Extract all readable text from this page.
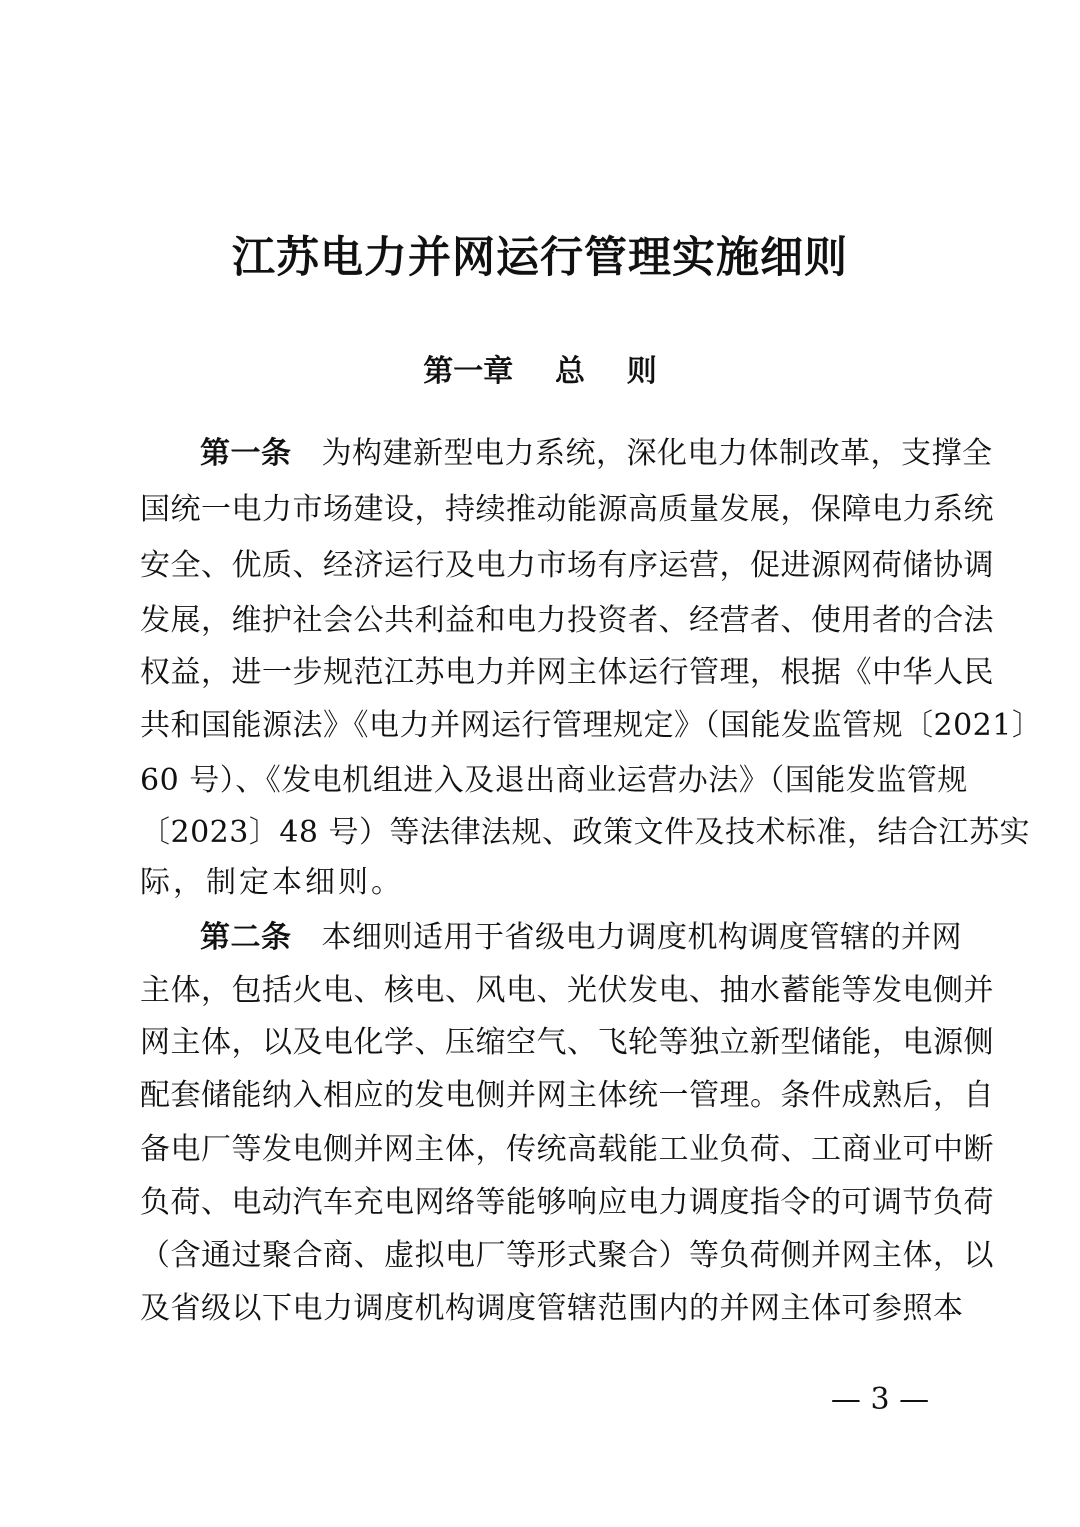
江苏电力并网运行管理实施细则
第一章    总    则
第一条 为构建新型电力系统，深化电力体制改革，支撑全
国统一电力市场建设，持续推动能源高质量发展，保障电力系统
安全、优质、经济运行及电力市场有序运营，促进源网荷储协调
发展，维护社会公共利益和电力投资者、经营者、使用者的合法
权益，进一步规范江苏电力并网主体运行管理，根据《中华人民
共和国能源法》《电力并网运行管理规定》（国能发监管规〔2021〕
60 号）、《发电机组进入及退出商业运营办法》（国能发监管规
〔2023〕48 号）等法律法规、政策文件及技术标准，结合江苏实
际，制定本细则。
第二条 本细则适用于省级电力调度机构调度管辖的并网
主体，包括火电、核电、风电、光伏发电、抽水蓄能等发电侧并
网主体，以及电化学、压缩空气、飞轮等独立新型储能，电源侧
配套储能纳入相应的发电侧并网主体统一管理。条件成熟后，自
备电厂等发电侧并网主体，传统高载能工业负荷、工商业可中断
负荷、电动汽车充电网络等能够响应电力调度指令的可调节负荷
（含通过聚合商、虚拟电厂等形式聚合）等负荷侧并网主体，以
及省级以下电力调度机构调度管辖范围内的并网主体可参照本
— 3 —
